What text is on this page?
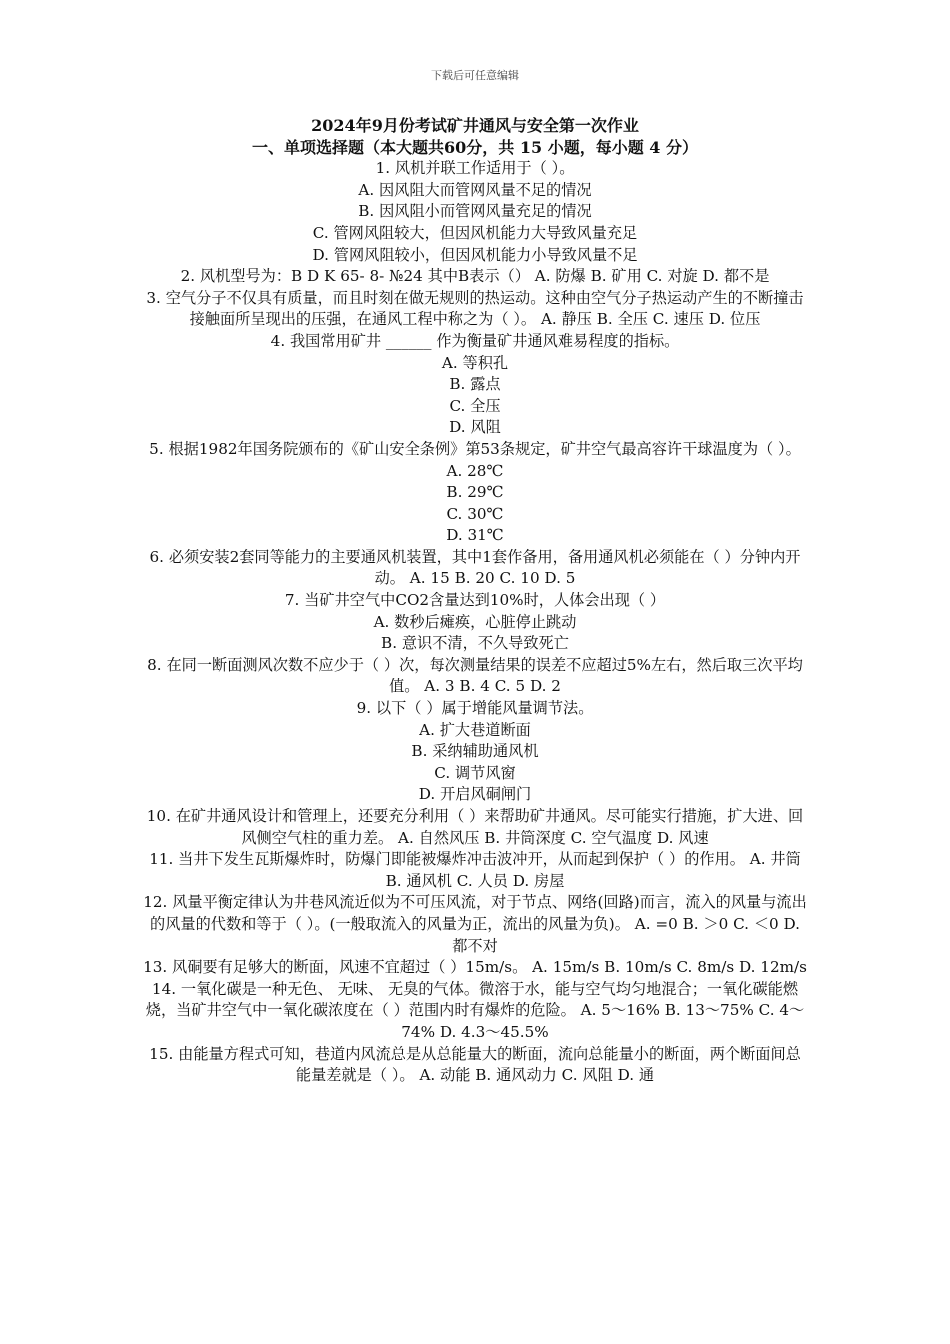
下载后可任意编辑
2024年9月份考试矿井通风与安全第一次作业
一、单项选择题（本大题共60分，共 15 小题，每小题 4 分）
1. 风机并联工作适用于（ ）。
A. 因风阻大而管网风量不足的情况
B. 因风阻小而管网风量充足的情况
C. 管网风阻较大，但因风机能力大导致风量充足
D. 管网风阻较小，但因风机能力小导致风量不足
2. 风机型号为：B D K 65- 8- №24 其中B表示（） A. 防爆 B. 矿用 C. 对旋 D. 都不是
3. 空气分子不仅具有质量，而且时刻在做无规则的热运动。这种由空气分子热运动产生的不断撞击接触面所呈现出的压强，在通风工程中称之为（ ）。 A. 静压 B. 全压 C. 速压 D. 位压
4. 我国常用矿井 ______ 作为衡量矿井通风难易程度的指标。
A. 等积孔
B. 露点
C. 全压
D. 风阻
5. 根据1982年国务院颁布的《矿山安全条例》第53条规定，矿井空气最高容许干球温度为（ ）。
A. 28℃
B. 29℃
C. 30℃
D. 31℃
6. 必须安装2套同等能力的主要通风机装置，其中1套作备用，备用通风机必须能在（ ）分钟内开动。 A. 15 B. 20 C. 10 D. 5
7. 当矿井空气中CO2含量达到10%时，人体会出现（ ）
A. 数秒后瘫痪，心脏停止跳动
B. 意识不清，不久导致死亡
8. 在同一断面测风次数不应少于（ ）次，每次测量结果的误差不应超过5%左右，然后取三次平均值。 A. 3 B. 4 C. 5 D. 2
9. 以下（ ）属于增能风量调节法。
A. 扩大巷道断面
B. 采纳辅助通风机
C. 调节风窗
D. 开启风硐闸门
10. 在矿井通风设计和管理上，还要充分利用（ ）来帮助矿井通风。尽可能实行措施，扩大进、回风侧空气柱的重力差。 A. 自然风压 B. 井筒深度 C. 空气温度 D. 风速
11. 当井下发生瓦斯爆炸时，防爆门即能被爆炸冲击波冲开，从而起到保护（ ）的作用。 A. 井筒 B. 通风机 C. 人员 D. 房屋
12. 风量平衡定律认为井巷风流近似为不可压风流，对于节点、网络(回路)而言，流入的风量与流出的风量的代数和等于（ ）。(一般取流入的风量为正，流出的风量为负)。 A. =0 B. ＞0 C. ＜0 D. 都不对
13. 风硐要有足够大的断面，风速不宜超过（ ）15m/s。 A. 15m/s B. 10m/s C. 8m/s D. 12m/s
14. 一氧化碳是一种无色、 无味、 无臭的气体。微溶于水，能与空气均匀地混合；一氧化碳能燃烧，当矿井空气中一氧化碳浓度在（ ）范围内时有爆炸的危险。 A. 5～16% B. 13～75% C. 4～74% D. 4.3～45.5%
15. 由能量方程式可知，巷道内风流总是从总能量大的断面，流向总能量小的断面，两个断面间总能量差就是（ ）。 A. 动能 B. 通风动力 C. 风阻 D. 通
